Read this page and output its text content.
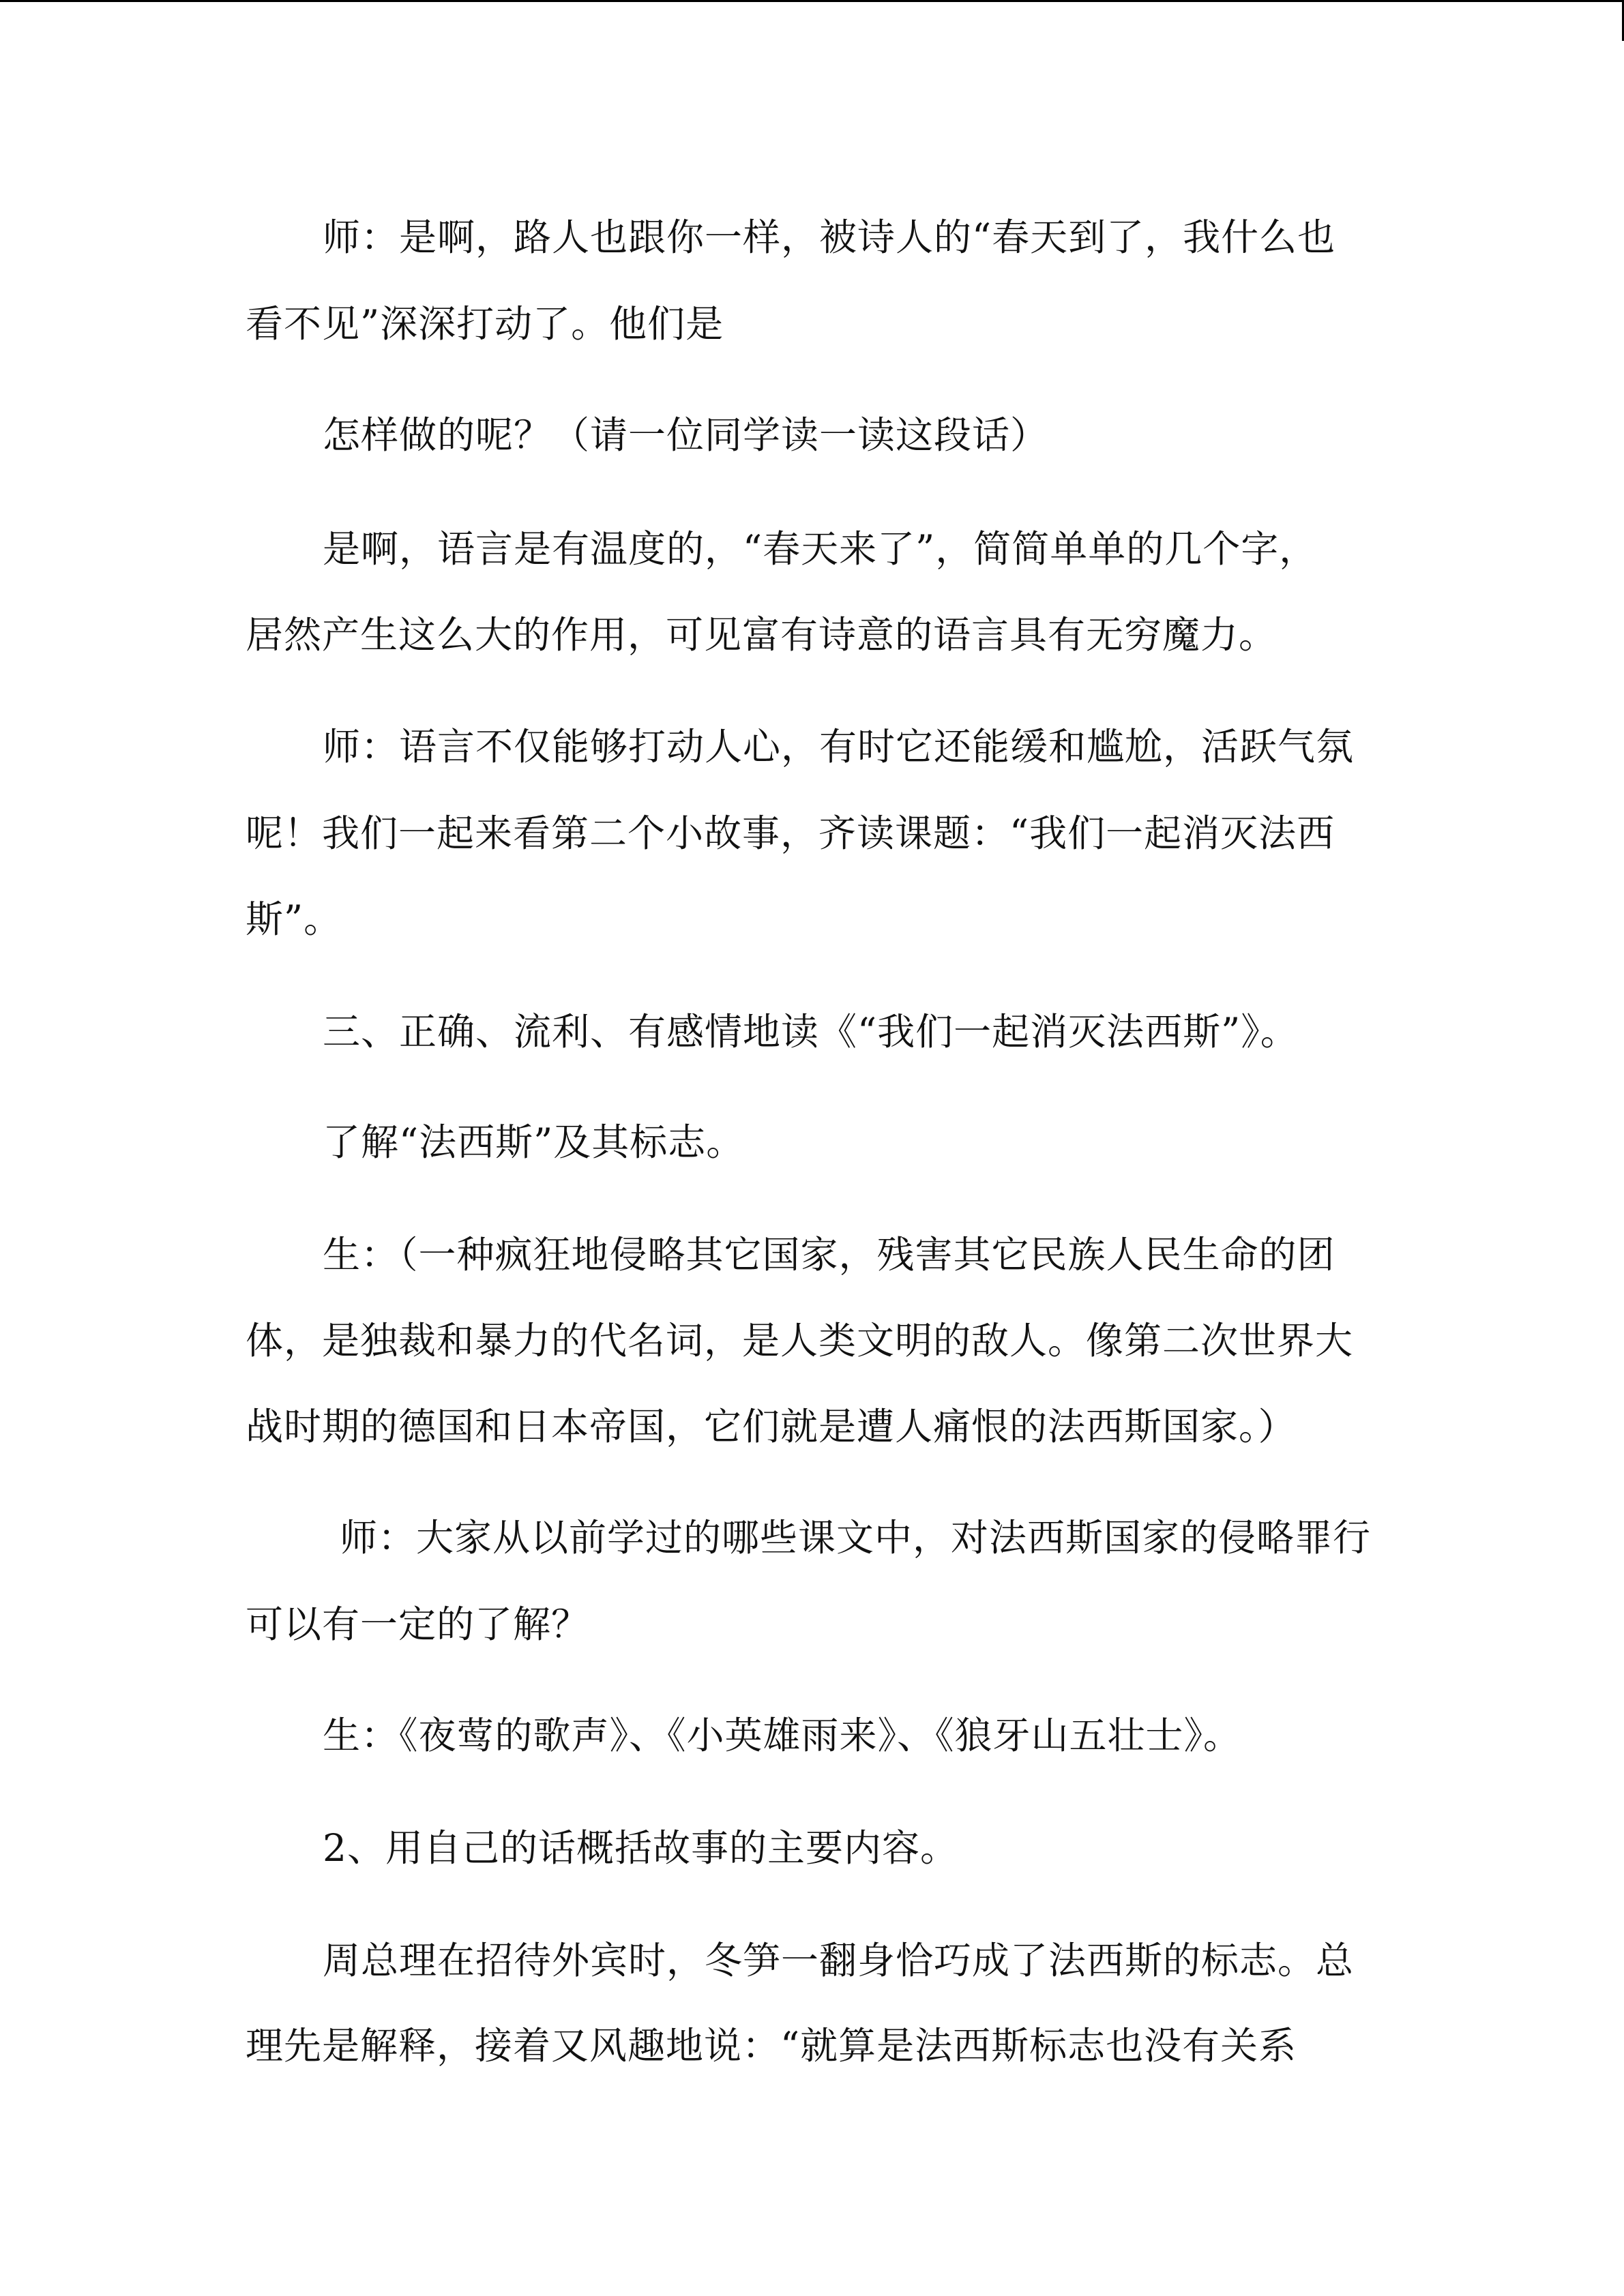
师：是啊，路人也跟你一样，被诗人的“春天到了，我什么也
看不见”深深打动了。他们是
怎样做的呢？（请一位同学读一读这段话）
是啊，语言是有温度的，“春天来了”，简简单单的几个字，
居然产生这么大的作用，可见富有诗意的语言具有无穷魔力。
师：语言不仅能够打动人心，有时它还能缓和尴尬，活跃气氛
呢！我们一起来看第二个小故事，齐读课题：“我们一起消灭法西
斯”。
三、正确、流利、有感情地读《“我们一起消灭法西斯”》。
了解“法西斯”及其标志。
生：（一种疯狂地侵略其它国家，残害其它民族人民生命的团
体，是独裁和暴力的代名词，是人类文明的敌人。像第二次世界大
战时期的德国和日本帝国，它们就是遭人痛恨的法西斯国家。）
师：大家从以前学过的哪些课文中，对法西斯国家的侵略罪行
可以有一定的了解？
生：《夜莺的歌声》、《小英雄雨来》、《狼牙山五壮士》。
2、用自己的话概括故事的主要内容。
周总理在招待外宾时，冬笋一翻身恰巧成了法西斯的标志。总
理先是解释，接着又风趣地说：“就算是法西斯标志也没有关系
